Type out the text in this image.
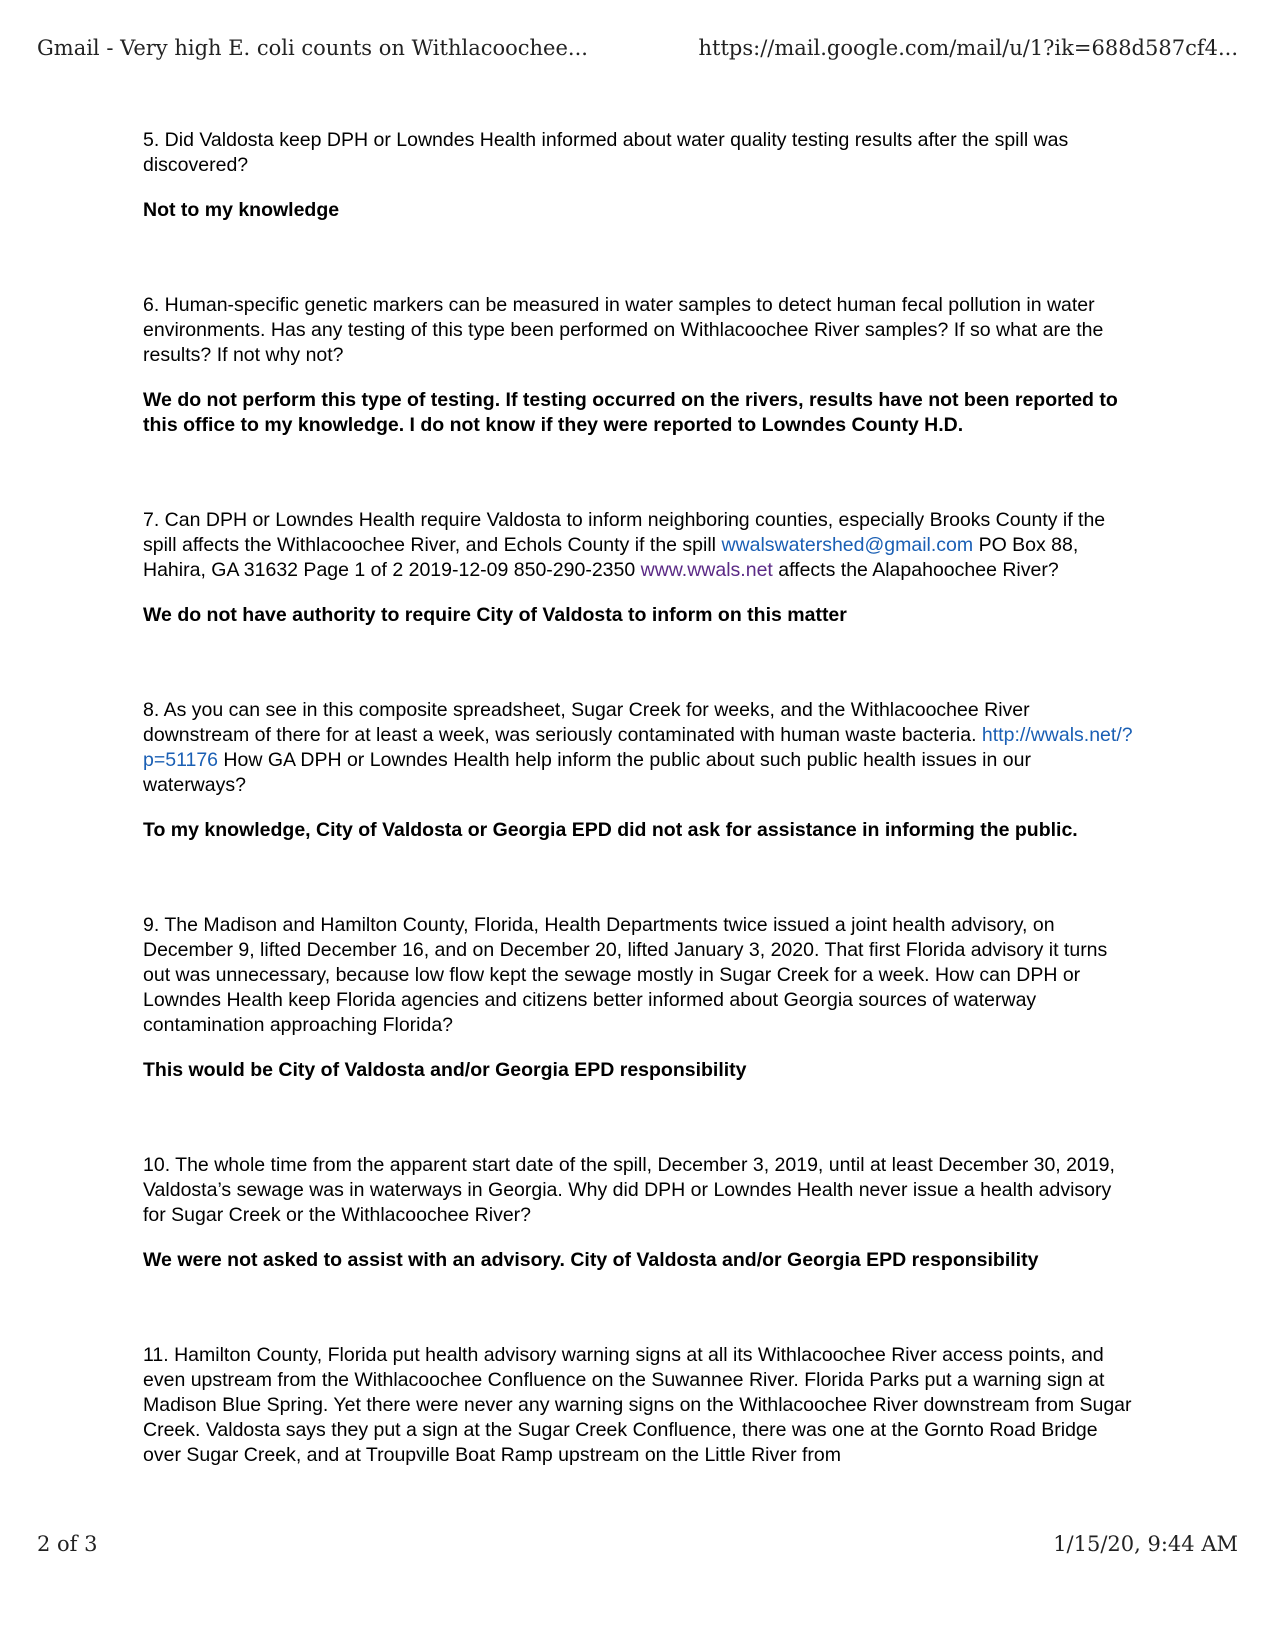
Gmail - Very high E. coli counts on Withlacoochee...	https://mail.google.com/mail/u/1?ik=688d587cf4...

5. Did Valdosta keep DPH or Lowndes Health informed about water quality testing results after the spill was discovered?

Not to my knowledge

6. Human-specific genetic markers can be measured in water samples to detect human fecal pollution in water environments. Has any testing of this type been performed on Withlacoochee River samples? If so what are the results? If not why not?

We do not perform this type of testing. If testing occurred on the rivers, results have not been reported to this office to my knowledge. I do not know if they were reported to Lowndes County H.D.

7. Can DPH or Lowndes Health require Valdosta to inform neighboring counties, especially Brooks County if the spill affects the Withlacoochee River, and Echols County if the spill wwalswatershed@gmail.com PO Box 88, Hahira, GA 31632 Page 1 of 2 2019-12-09 850-290-2350 www.wwals.net affects the Alapahoochee River?

We do not have authority to require City of Valdosta to inform on this matter

8. As you can see in this composite spreadsheet, Sugar Creek for weeks, and the Withlacoochee River downstream of there for at least a week, was seriously contaminated with human waste bacteria. http://wwals.net/?p=51176 How GA DPH or Lowndes Health help inform the public about such public health issues in our waterways?

To my knowledge, City of Valdosta or Georgia EPD did not ask for assistance in informing the public.

9. The Madison and Hamilton County, Florida, Health Departments twice issued a joint health advisory, on December 9, lifted December 16, and on December 20, lifted January 3, 2020. That first Florida advisory it turns out was unnecessary, because low flow kept the sewage mostly in Sugar Creek for a week. How can DPH or Lowndes Health keep Florida agencies and citizens better informed about Georgia sources of waterway contamination approaching Florida?

This would be City of Valdosta and/or Georgia EPD responsibility

10. The whole time from the apparent start date of the spill, December 3, 2019, until at least December 30, 2019, Valdosta’s sewage was in waterways in Georgia. Why did DPH or Lowndes Health never issue a health advisory for Sugar Creek or the Withlacoochee River?

We were not asked to assist with an advisory. City of Valdosta and/or Georgia EPD responsibility

11. Hamilton County, Florida put health advisory warning signs at all its Withlacoochee River access points, and even upstream from the Withlacoochee Confluence on the Suwannee River. Florida Parks put a warning sign at Madison Blue Spring. Yet there were never any warning signs on the Withlacoochee River downstream from Sugar Creek. Valdosta says they put a sign at the Sugar Creek Confluence, there was one at the Gornto Road Bridge over Sugar Creek, and at Troupville Boat Ramp upstream on the Little River from

2 of 3	1/15/20, 9:44 AM
